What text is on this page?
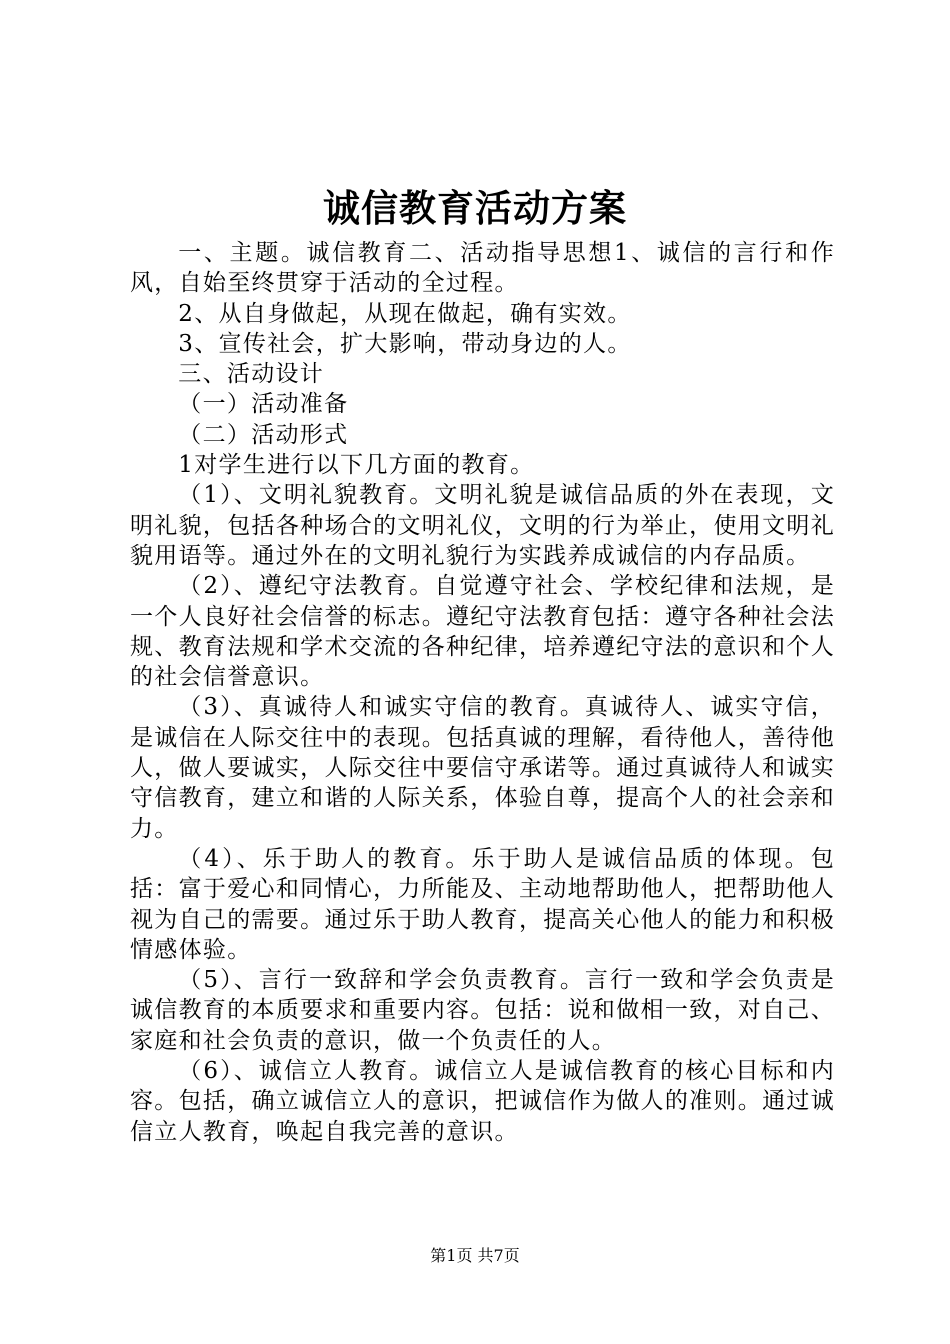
诚信教育活动方案

一、主题。诚信教育二、活动指导思想1、诚信的言行和作风，自始至终贯穿于活动的全过程。

2、从自身做起，从现在做起，确有实效。

3、宣传社会，扩大影响，带动身边的人。

三、活动设计

（一）活动准备

（二）活动形式

1对学生进行以下几方面的教育。

（1）、文明礼貌教育。文明礼貌是诚信品质的外在表现，文明礼貌，包括各种场合的文明礼仪，文明的行为举止，使用文明礼貌用语等。通过外在的文明礼貌行为实践养成诚信的内存品质。

（2）、遵纪守法教育。自觉遵守社会、学校纪律和法规，是一个人良好社会信誉的标志。遵纪守法教育包括：遵守各种社会法规、教育法规和学术交流的各种纪律，培养遵纪守法的意识和个人的社会信誉意识。

（3）、真诚待人和诚实守信的教育。真诚待人、诚实守信，是诚信在人际交往中的表现。包括真诚的理解，看待他人，善待他人，做人要诚实，人际交往中要信守承诺等。通过真诚待人和诚实守信教育，建立和谐的人际关系，体验自尊，提高个人的社会亲和力。

（4）、乐于助人的教育。乐于助人是诚信品质的体现。包括：富于爱心和同情心，力所能及、主动地帮助他人，把帮助他人视为自己的需要。通过乐于助人教育，提高关心他人的能力和积极情感体验。

（5）、言行一致辞和学会负责教育。言行一致和学会负责是诚信教育的本质要求和重要内容。包括：说和做相一致，对自己、家庭和社会负责的意识，做一个负责任的人。

（6）、诚信立人教育。诚信立人是诚信教育的核心目标和内容。包括，确立诚信立人的意识，把诚信作为做人的准则。通过诚信立人教育，唤起自我完善的意识。

第1页 共7页
